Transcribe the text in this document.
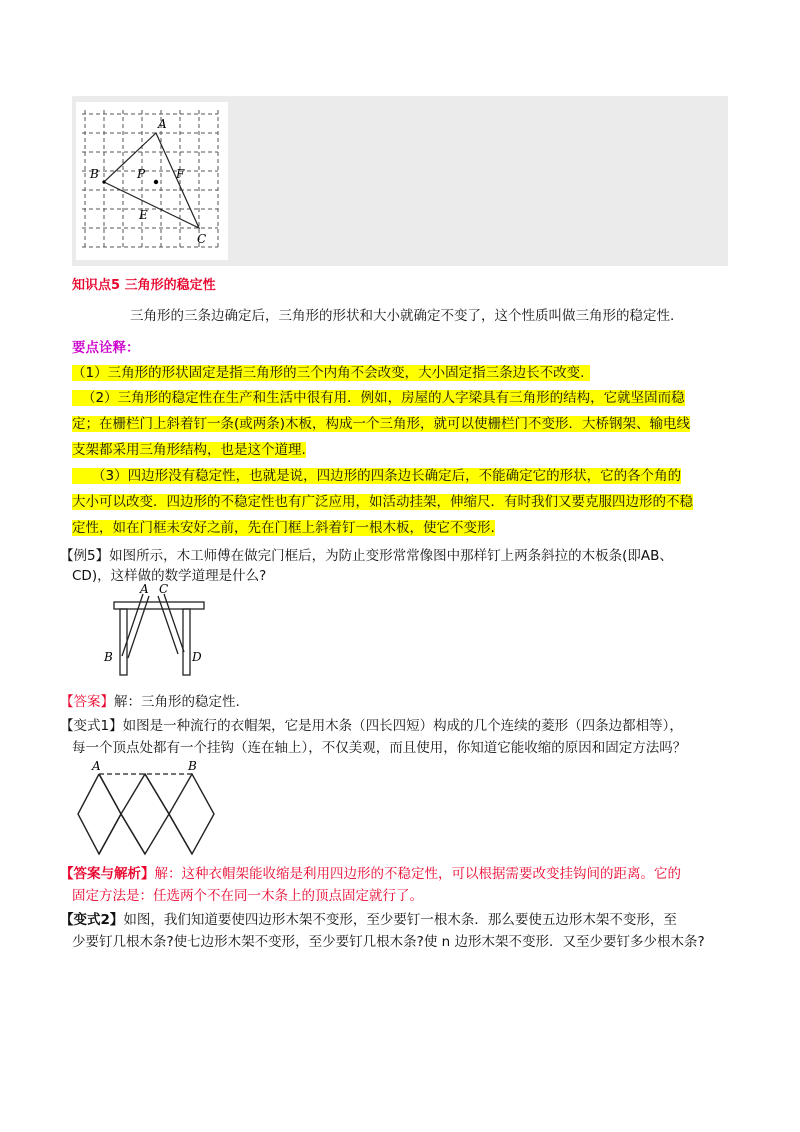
A
B	P	F
E
C
知识点5 三角形的稳定性
三角形的三条边确定后，三角形的形状和大小就确定不变了，这个性质叫做三角形的稳定性.
要点诠释：
（1）三角形的形状固定是指三角形的三个内角不会改变，大小固定指三条边长不改变.
（2）三角形的稳定性在生产和生活中很有用．例如，房屋的人字梁具有三角形的结构，它就坚固而稳
定；在栅栏门上斜着钉一条(或两条)木板，构成一个三角形，就可以使栅栏门不变形．大桥钢架、输电线
支架都采用三角形结构，也是这个道理.
（3）四边形没有稳定性，也就是说，四边形的四条边长确定后，不能确定它的形状，它的各个角的
大小可以改变．四边形的不稳定性也有广泛应用，如活动挂架，伸缩尺．有时我们又要克服四边形的不稳
定性，如在门框未安好之前，先在门框上斜着钉一根木板，使它不变形.
【例5】如图所示，木工师傅在做完门框后，为防止变形常常像图中那样钉上两条斜拉的木板条(即AB、
CD)，这样做的数学道理是什么?
A C
B	D
【答案】解：三角形的稳定性.
【变式1】如图是一种流行的衣帽架，它是用木条（四长四短）构成的几个连续的菱形（四条边都相等），
每一个顶点处都有一个挂钩（连在轴上），不仅美观，而且使用，你知道它能收缩的原因和固定方法吗？
A	B
【答案与解析】解：这种衣帽架能收缩是利用四边形的不稳定性，可以根据需要改变挂钩间的距离。它的
固定方法是：任选两个不在同一木条上的顶点固定就行了。
【变式2】如图，我们知道要使四边形木架不变形，至少要钉一根木条．那么要使五边形木架不变形，至
少要钉几根木条?使七边形木架不变形，至少要钉几根木条?使 n 边形木架不变形．又至少要钉多少根木条?
